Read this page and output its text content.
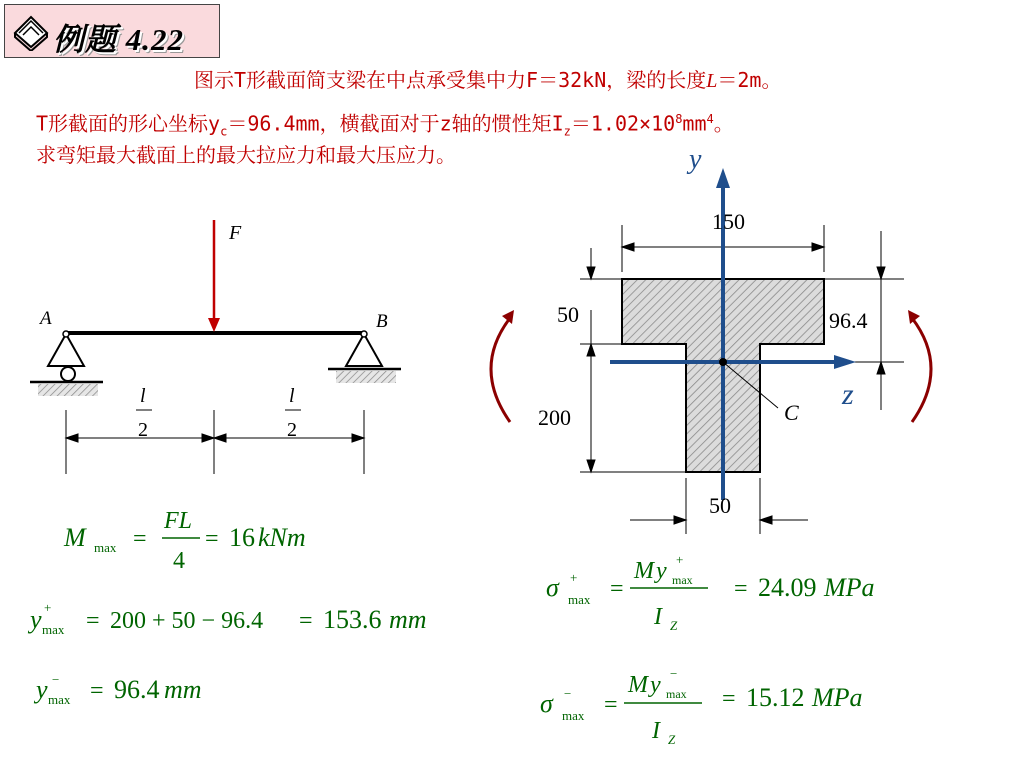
例题 4.22
图示T形截面简支梁在中点承受集中力F＝32kN，梁的长度L＝2m。
T形截面的形心坐标$y_c=96.4mm$，横截面对于z轴的惯性矩$I_z=1.02\times 10^8mm^4$。
求弯矩最大截面上的最大拉应力和最大压应力。
F
A	B
l
2
l
2
y
z
C
150
50
200
50
96.4
M max =
FL
4
= 16 kNm
y +
max = 200 + 50 − 96.4 = 153.6 mm
y −
max = 96.4 mm
σ +
max =
M y +
max
I Z
= 24.09 MPa
σ −
max =
M y −
max
I Z
= 15.12 MPa
